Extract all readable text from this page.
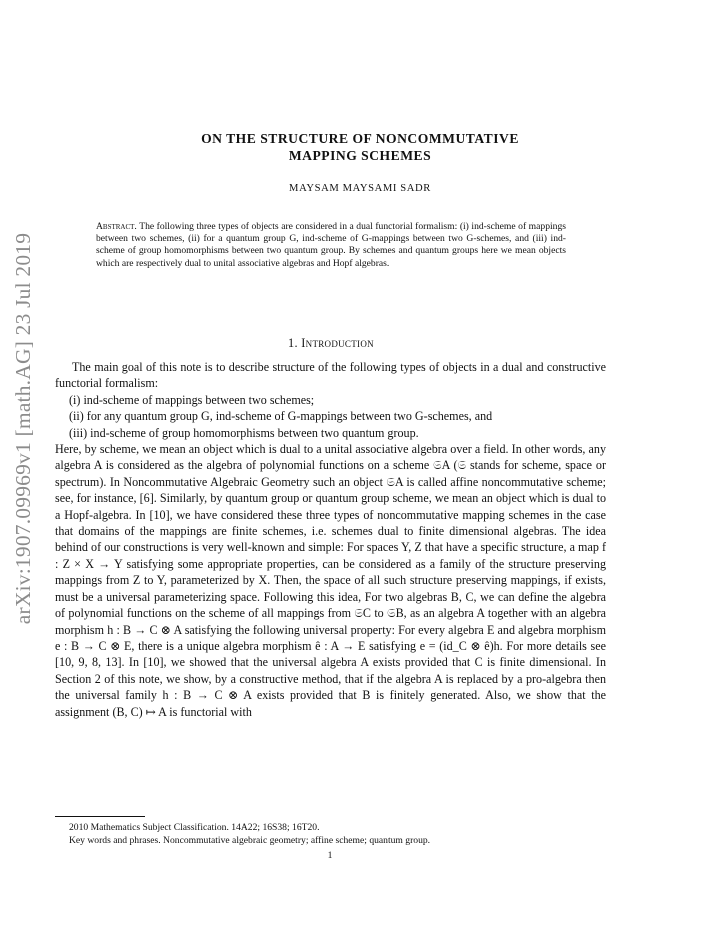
arXiv:1907.09969v1 [math.AG] 23 Jul 2019
ON THE STRUCTURE OF NONCOMMUTATIVE
MAPPING SCHEMES
MAYSAM MAYSAMI SADR
Abstract. The following three types of objects are considered in a dual functorial formalism: (i) ind-scheme of mappings between two schemes, (ii) for a quantum group G, ind-scheme of G-mappings between two G-schemes, and (iii) ind-scheme of group homomorphisms between two quantum group. By schemes and quantum groups here we mean objects which are respectively dual to unital associative algebras and Hopf algebras.
1. Introduction

The main goal of this note is to describe structure of the following types of objects in a dual and constructive functorial formalism:

(i) ind-scheme of mappings between two schemes;
(ii) for any quantum group G, ind-scheme of G-mappings between two G-schemes, and
(iii) ind-scheme of group homomorphisms between two quantum group.

Here, by scheme, we mean an object which is dual to a unital associative algebra over a field. In other words, any algebra A is considered as the algebra of polynomial functions on a scheme 𝔖A (𝔖 stands for scheme, space or spectrum). In Noncommutative Algebraic Geometry such an object 𝔖A is called affine noncommutative scheme; see, for instance, [6]. Similarly, by quantum group or quantum group scheme, we mean an object which is dual to a Hopf-algebra. In [10], we have considered these three types of noncommutative mapping schemes in the case that domains of the mappings are finite schemes, i.e. schemes dual to finite dimensional algebras. The idea behind of our constructions is very well-known and simple: For spaces Y, Z that have a specific structure, a map f : Z × X → Y satisfying some appropriate properties, can be considered as a family of the structure preserving mappings from Z to Y, parameterized by X. Then, the space of all such structure preserving mappings, if exists, must be a universal parameterizing space. Following this idea, For two algebras B, C, we can define the algebra of polynomial functions on the scheme of all mappings from 𝔖C to 𝔖B, as an algebra A together with an algebra morphism h : B → C ⊗ A satisfying the following universal property: For every algebra E and algebra morphism e : B → C ⊗ E, there is a unique algebra morphism ê : A → E satisfying e = (id_C ⊗ ê)h. For more details see [10, 9, 8, 13]. In [10], we showed that the universal algebra A exists provided that C is finite dimensional. In Section 2 of this note, we show, by a constructive method, that if the algebra A is replaced by a pro-algebra then the universal family h : B → C ⊗ A exists provided that B is finitely generated. Also, we show that the assignment (B, C) ↦ A is functorial with

2010 Mathematics Subject Classification. 14A22; 16S38; 16T20.
Key words and phrases. Noncommutative algebraic geometry; affine scheme; quantum group.
1
